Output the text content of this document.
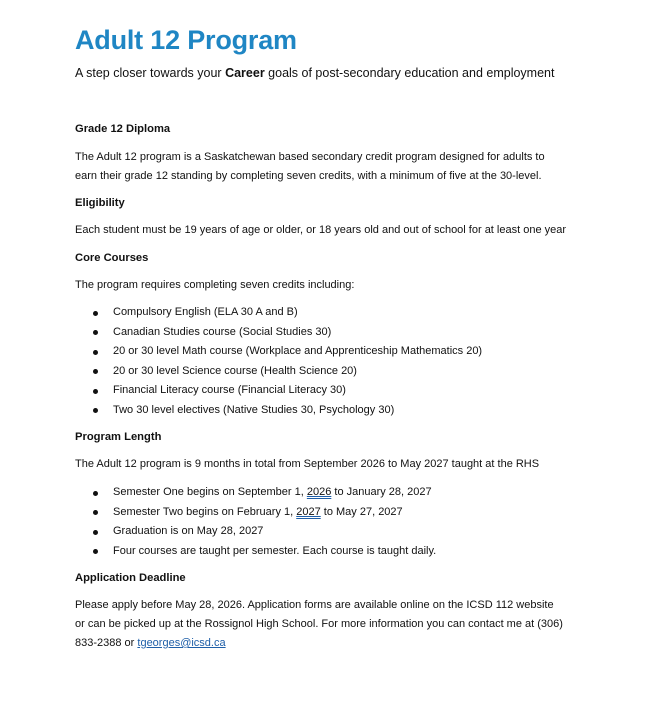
Adult 12 Program
A step closer towards your Career goals of post-secondary education and employment
Grade 12 Diploma
The Adult 12 program is a Saskatchewan based secondary credit program designed for adults to
earn their grade 12 standing by completing seven credits, with a minimum of five at the 30-level.
Eligibility
Each student must be 19 years of age or older, or 18 years old and out of school for at least one year
Core Courses
The program requires completing seven credits including:
Compulsory English (ELA 30 A and B)
Canadian Studies course (Social Studies 30)
20 or 30 level Math course (Workplace and Apprenticeship Mathematics 20)
20 or 30 level Science course (Health Science 20)
Financial Literacy course (Financial Literacy 30)
Two 30 level electives (Native Studies 30, Psychology 30)
Program Length
The Adult 12 program is 9 months in total from September 2026 to May 2027 taught at the RHS
Semester One begins on September 1, 2026 to January 28, 2027
Semester Two begins on February 1, 2027 to May 27, 2027
Graduation is on May 28, 2027
Four courses are taught per semester. Each course is taught daily.
Application Deadline
Please apply before May 28, 2026. Application forms are available online on the ICSD 112 website
or can be picked up at the Rossignol High School. For more information you can contact me at (306)
833-2388 or tgeorges@icsd.ca
